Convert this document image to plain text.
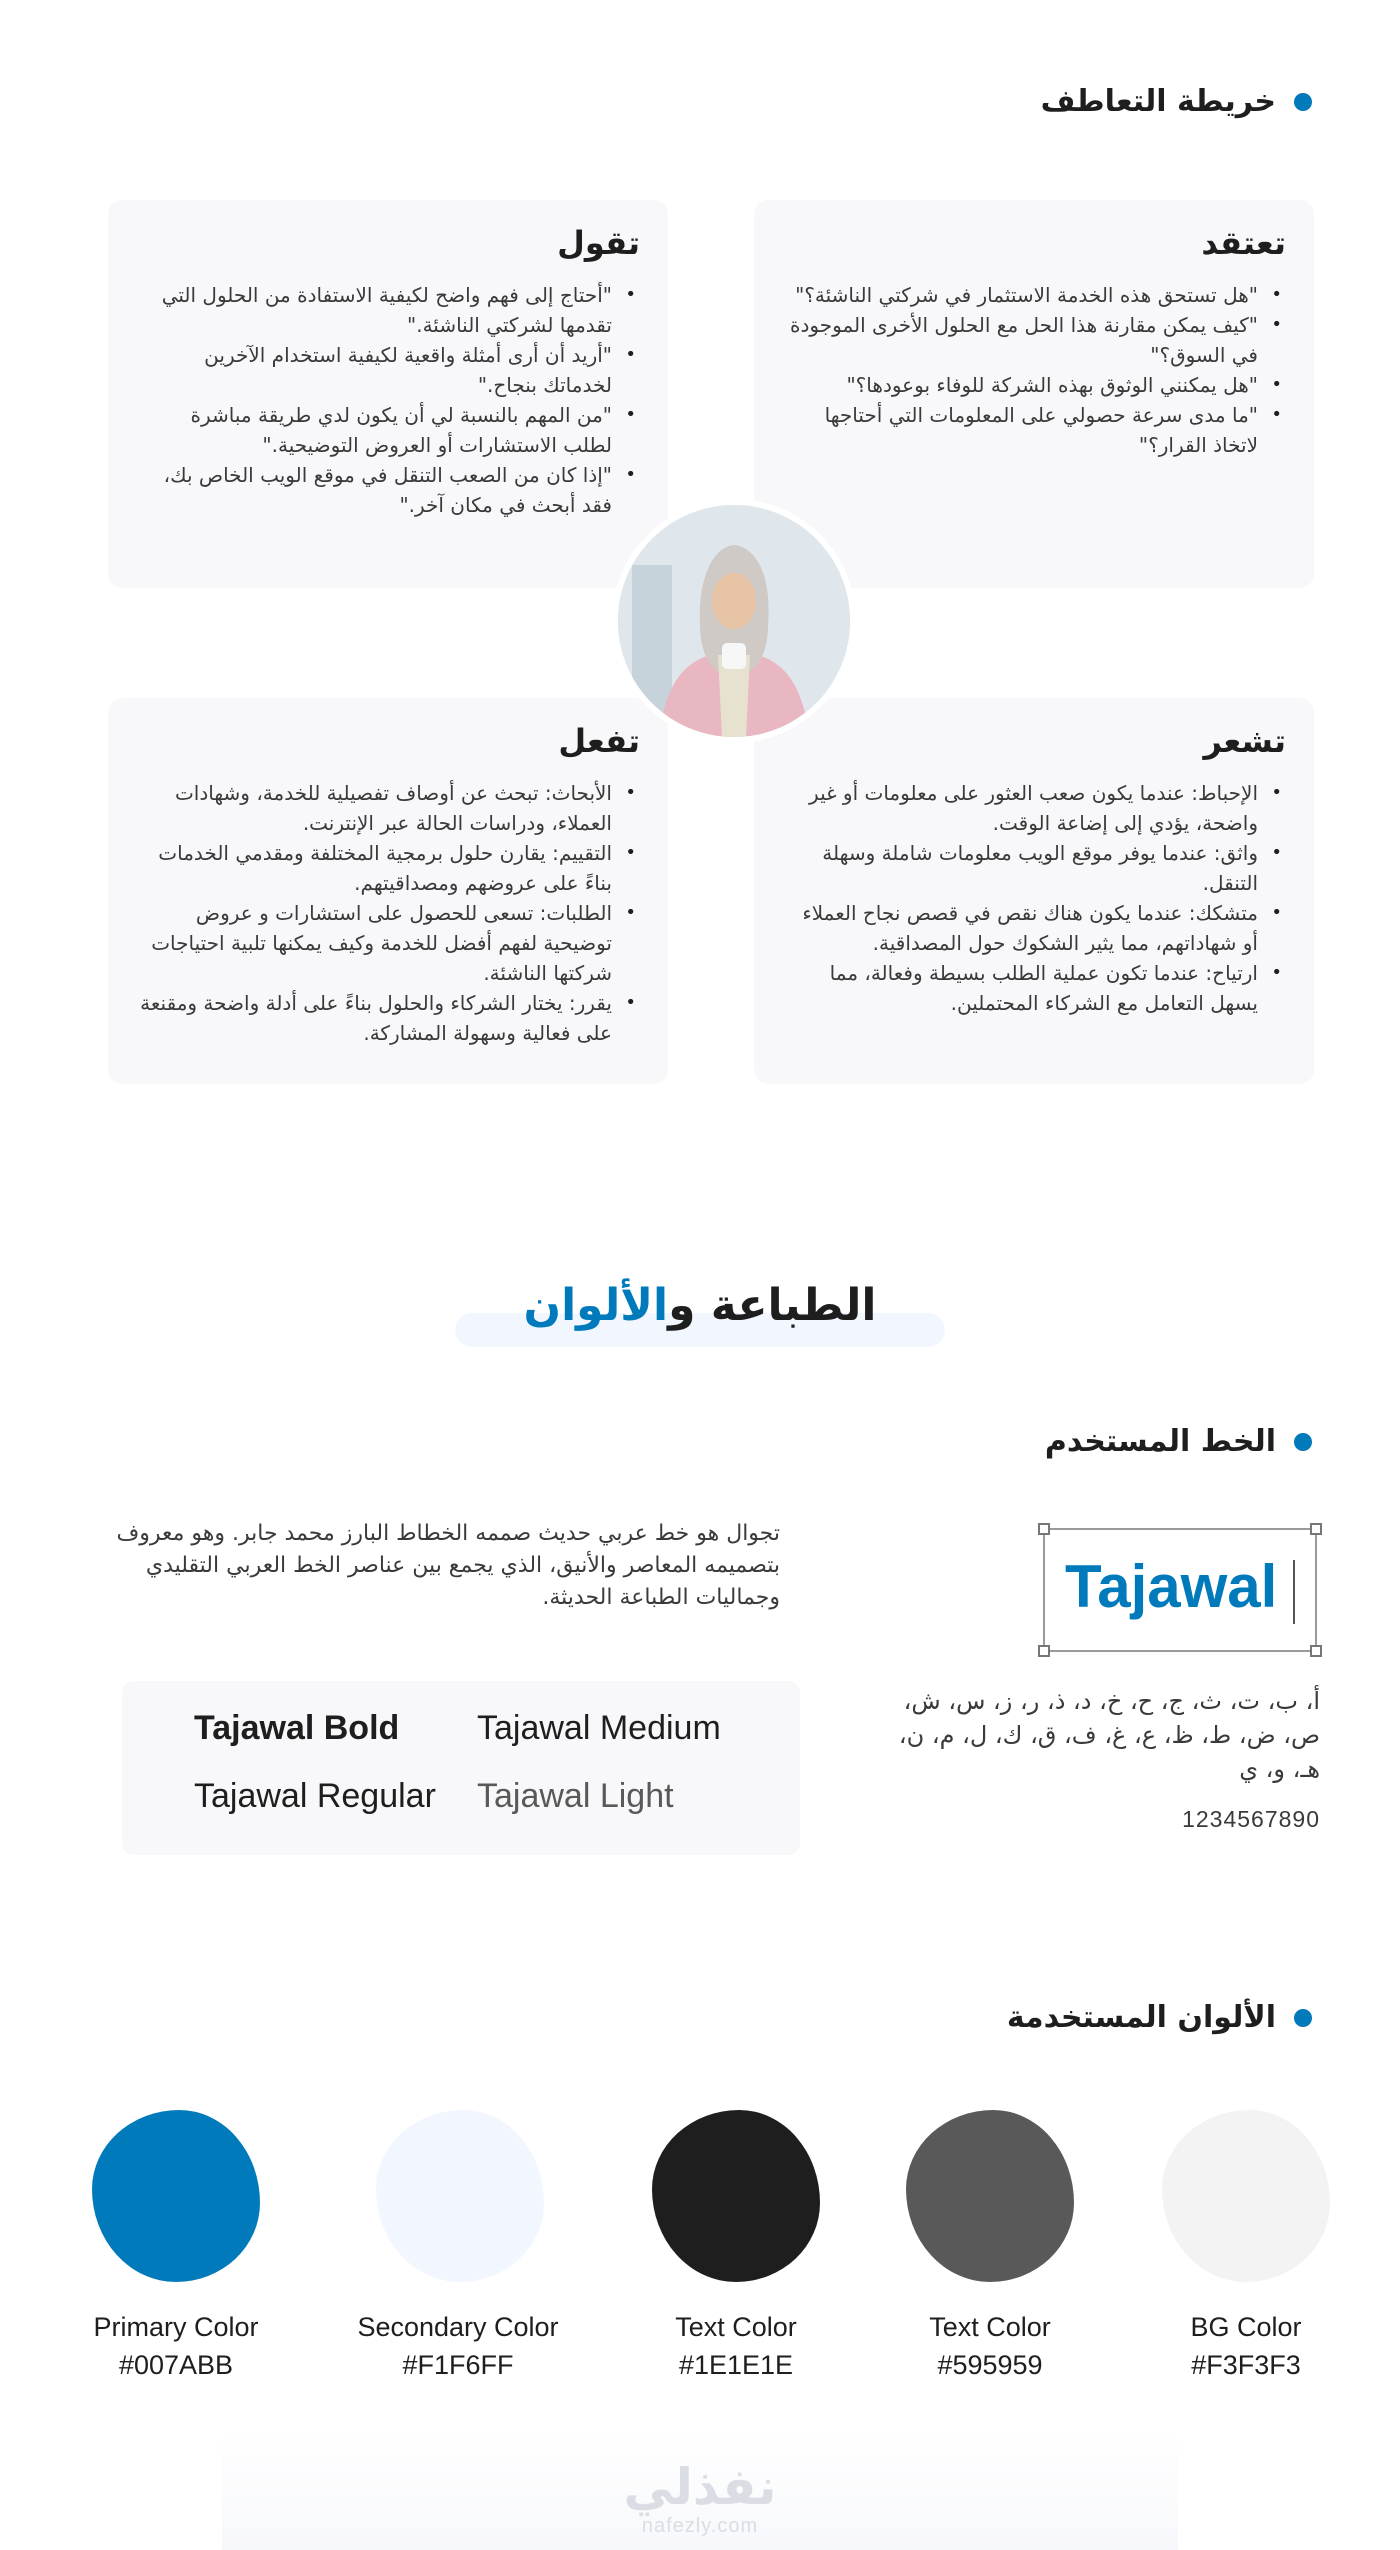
خريطة التعاطف
تعتقد
• "هل تستحق هذه الخدمة الاستثمار في شركتي الناشئة؟"
• "كيف يمكن مقارنة هذا الحل مع الحلول الأخرى الموجودة في السوق؟"
• "هل يمكنني الوثوق بهذه الشركة للوفاء بوعودها؟"
• "ما مدى سرعة حصولي على المعلومات التي أحتاجها لاتخاذ القرار؟"
تقول
• "أحتاج إلى فهم واضح لكيفية الاستفادة من الحلول التي تقدمها لشركتي الناشئة."
• "أريد أن أرى أمثلة واقعية لكيفية استخدام الآخرين لخدماتك بنجاح."
• "من المهم بالنسبة لي أن يكون لدي طريقة مباشرة لطلب الاستشارات أو العروض التوضيحية."
• "إذا كان من الصعب التنقل في موقع الويب الخاص بك، فقد أبحث في مكان آخر."
تشعر
• الإحباط: عندما يكون صعب العثور على معلومات أو غير واضحة، يؤدي إلى إضاعة الوقت.
• واثق: عندما يوفر موقع الويب معلومات شاملة وسهلة التنقل.
• متشكك: عندما يكون هناك نقص في قصص نجاح العملاء أو شهاداتهم، مما يثير الشكوك حول المصداقية.
• ارتياح: عندما تكون عملية الطلب بسيطة وفعالة، مما يسهل التعامل مع الشركاء المحتملين.
تفعل
• الأبحاث: تبحث عن أوصاف تفصيلية للخدمة، وشهادات العملاء، ودراسات الحالة عبر الإنترنت.
• التقييم: يقارن حلول برمجية المختلفة ومقدمي الخدمات بناءً على عروضهم ومصداقيتهم.
• الطلبات: تسعى للحصول على استشارات و عروض توضيحية لفهم أفضل للخدمة وكيف يمكنها تلبية احتياجات شركتها الناشئة.
• يقرر: يختار الشركاء والحلول بناءً على أدلة واضحة ومقنعة على فعالية وسهولة المشاركة.
الطباعة والألوان
الخط المستخدم
تجوال هو خط عربي حديث صممه الخطاط البارز محمد جابر. وهو معروف بتصميمه المعاصر والأنيق، الذي يجمع بين عناصر الخط العربي التقليدي وجماليات الطباعة الحديثة.	Tajawal
أ، ب، ت، ث، ج، ح، خ، د، ذ، ر، ز، س، ش، ص، ض، ط، ظ، ع، غ، ف، ق، ك، ل، م، ن، هـ، و، ي
1234567890
Tajawal Bold Tajawal Medium
Tajawal Regular Tajawal Light
الألوان المستخدمة
Primary Color
#007ABB
Secondary Color
#F1F6FF
Text Color
#1E1E1E
Text Color
#595959
BG Color
#F3F3F3
نفذلي
nafezly.com
